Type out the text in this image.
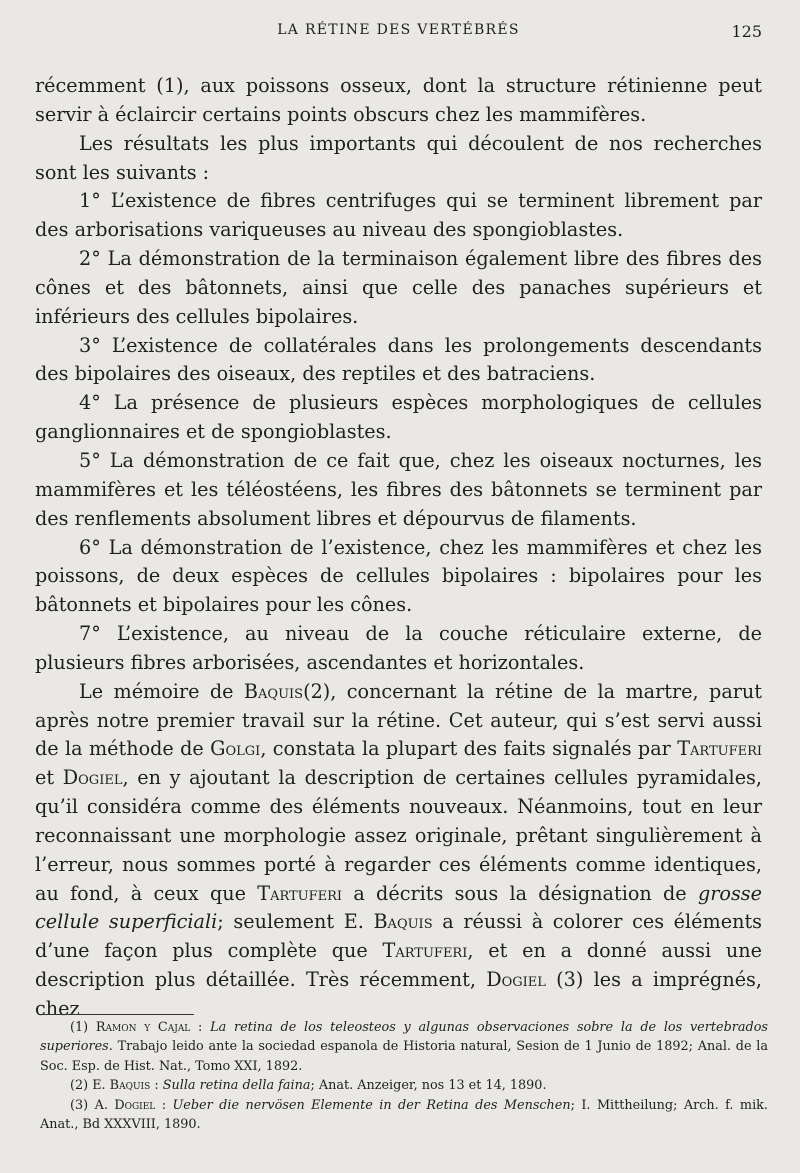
LA RÉTINE DES VERTÉBRÉS	125

récemment (1), aux poissons osseux, dont la structure rétinienne peut servir à éclaircir certains points obscurs chez les mammifères.

Les résultats les plus importants qui découlent de nos recherches sont les suivants :

1° L’existence de fibres centrifuges qui se terminent librement par des arborisations variqueuses au niveau des spongioblastes.

2° La démonstration de la terminaison également libre des fibres des cônes et des bâtonnets, ainsi que celle des panaches supérieurs et inférieurs des cellules bipolaires.

3° L’existence de collatérales dans les prolongements descendants des bipolaires des oiseaux, des reptiles et des batraciens.

4° La présence de plusieurs espèces morphologiques de cellules ganglionnaires et de spongioblastes.

5° La démonstration de ce fait que, chez les oiseaux nocturnes, les mammifères et les téléostéens, les fibres des bâtonnets se terminent par des renflements absolument libres et dépourvus de filaments.

6° La démonstration de l’existence, chez les mammifères et chez les poissons, de deux espèces de cellules bipolaires : bipolaires pour les bâtonnets et bipolaires pour les cônes.

7° L’existence, au niveau de la couche réticulaire externe, de plusieurs fibres arborisées, ascendantes et horizontales.

Le mémoire de Baquis(2), concernant la rétine de la martre, parut après notre premier travail sur la rétine. Cet auteur, qui s’est servi aussi de la méthode de Golgi, constata la plupart des faits signalés par Tartuferi et Dogiel, en y ajoutant la description de certaines cellules pyramidales, qu’il considéra comme des éléments nouveaux. Néanmoins, tout en leur reconnaissant une morphologie assez originale, prêtant singulièrement à l’erreur, nous sommes porté à regarder ces éléments comme identiques, au fond, à ceux que Tartuferi a décrits sous la désignation de grosse cellule superficiali; seulement E. Baquis a réussi à colorer ces éléments d’une façon plus complète que Tartuferi, et en a donné aussi une description plus détaillée. Très récemment, Dogiel (3) les a imprégnés, chez

(1) Ramon y Cajal : La retina de los teleosteos y algunas observaciones sobre la de los vertebrados superiores. Trabajo leido ante la sociedad espanola de Historia natural, Sesion de 1 Junio de 1892; Anal. de la Soc. Esp. de Hist. Nat., Tomo XXI, 1892.

(2) E. Baquis : Sulla retina della faina; Anat. Anzeiger, nos 13 et 14, 1890.

(3) A. Dogiel : Ueber die nervösen Elemente in der Retina des Menschen; I. Mittheilung; Arch. f. mik. Anat., Bd XXXVIII, 1890.
